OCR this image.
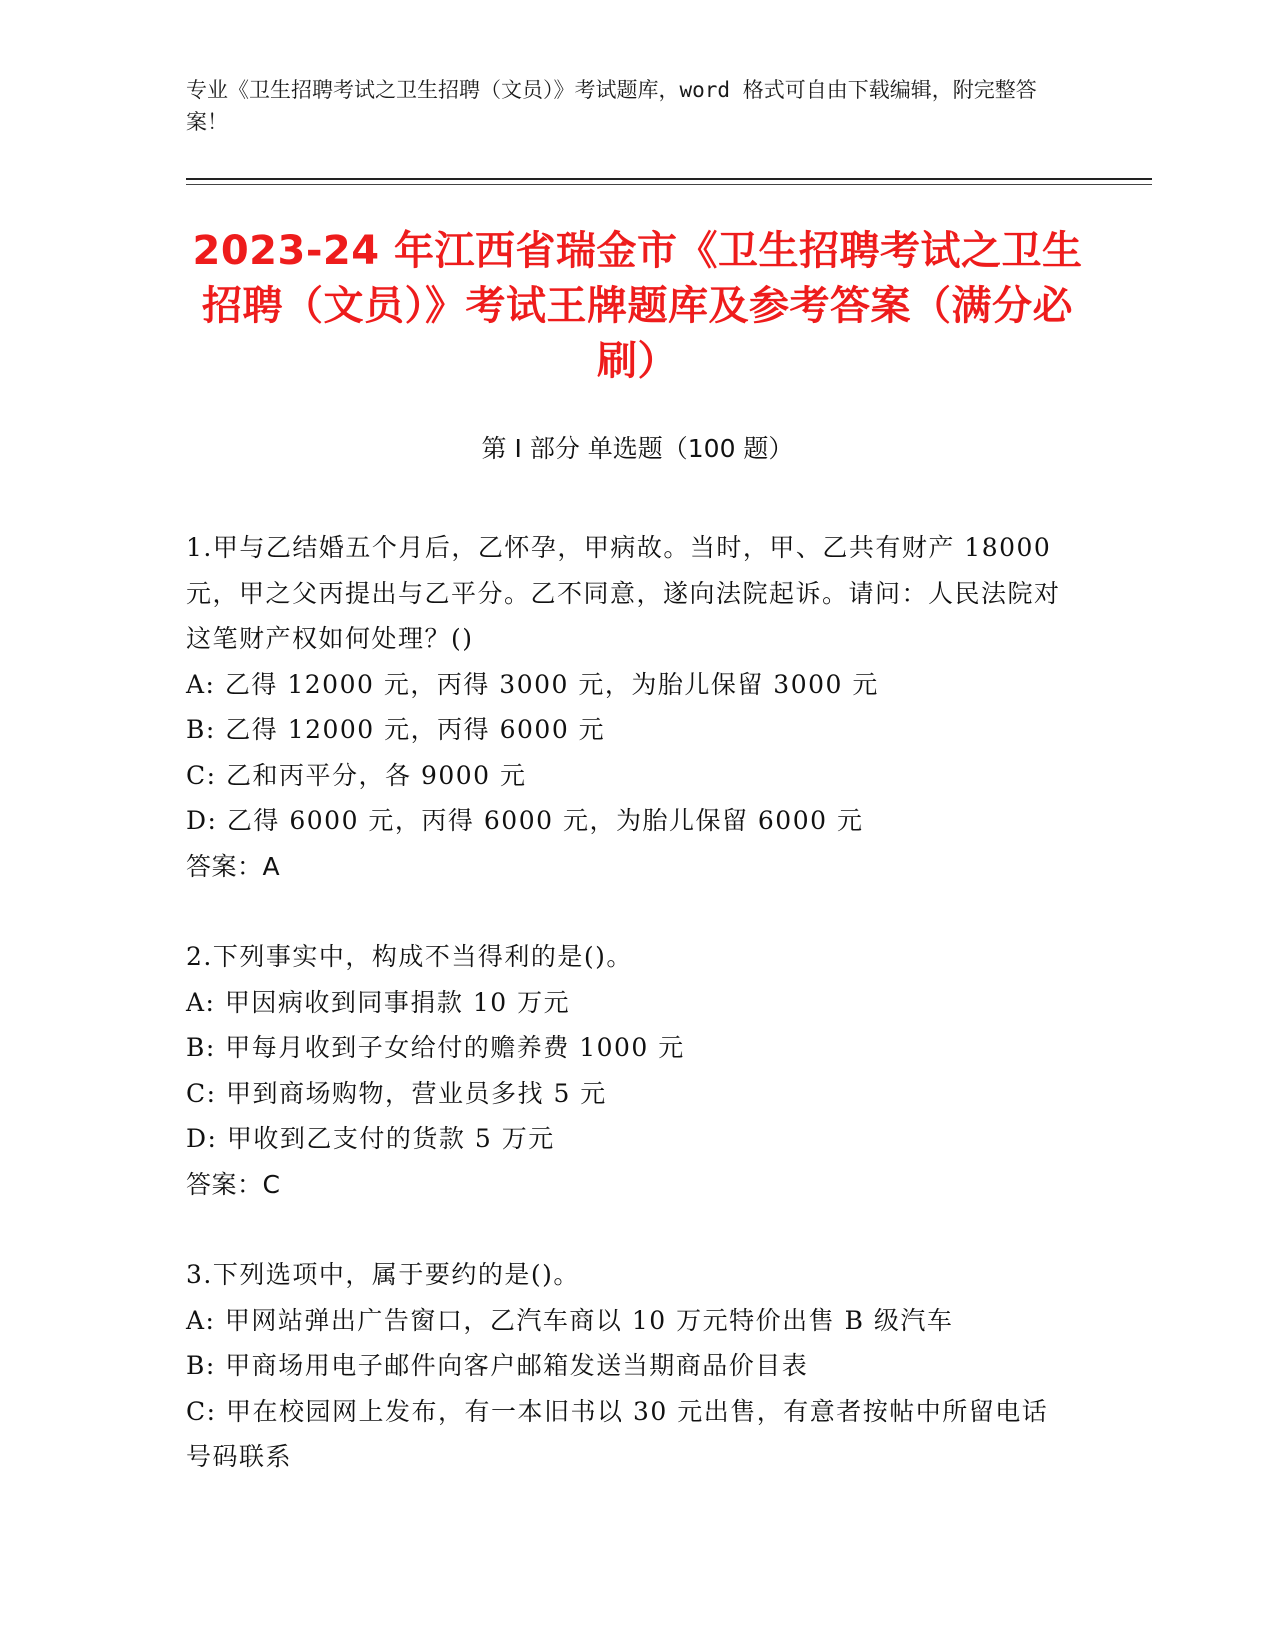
专业《卫生招聘考试之卫生招聘（文员）》考试题库，word 格式可自由下载编辑，附完整答案！
2023-24 年江西省瑞金市《卫生招聘考试之卫生招聘（文员）》考试王牌题库及参考答案（满分必刷）
第 I 部分 单选题（100 题）
1.甲与乙结婚五个月后，乙怀孕，甲病故。当时，甲、乙共有财产 18000 元，甲之父丙提出与乙平分。乙不同意，遂向法院起诉。请问：人民法院对这笔财产权如何处理？()
A: 乙得 12000 元，丙得 3000 元，为胎儿保留 3000 元
B: 乙得 12000 元，丙得 6000 元
C: 乙和丙平分，各 9000 元
D: 乙得 6000 元，丙得 6000 元，为胎儿保留 6000 元
答案：A
2.下列事实中，构成不当得利的是()。
A: 甲因病收到同事捐款 10 万元
B: 甲每月收到子女给付的赡养费 1000 元
C: 甲到商场购物，营业员多找 5 元
D: 甲收到乙支付的货款 5 万元
答案：C
3.下列选项中，属于要约的是()。
A: 甲网站弹出广告窗口，乙汽车商以 10 万元特价出售 B 级汽车
B: 甲商场用电子邮件向客户邮箱发送当期商品价目表
C: 甲在校园网上发布，有一本旧书以 30 元出售，有意者按帖中所留电话号码联系
